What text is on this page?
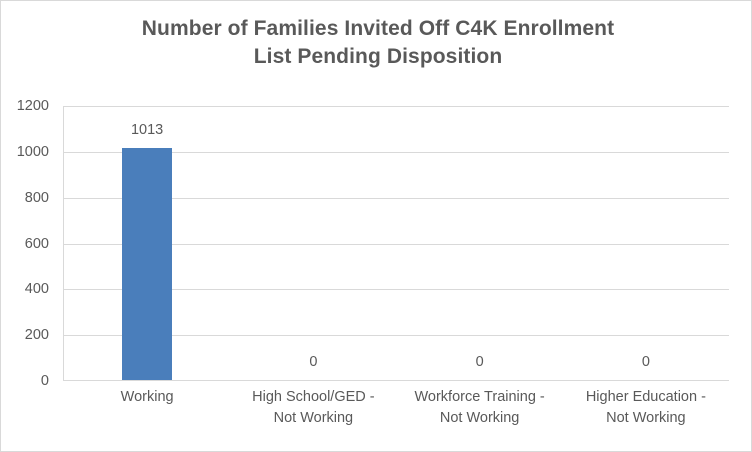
Number of Families Invited Off C4K Enrollment
List Pending Disposition
0
200
400
600
800
1000
1200
1013
0	0	0
Working	High School/GED -
Not Working
Workforce Training -
Not Working
Higher Education -
Not Working
